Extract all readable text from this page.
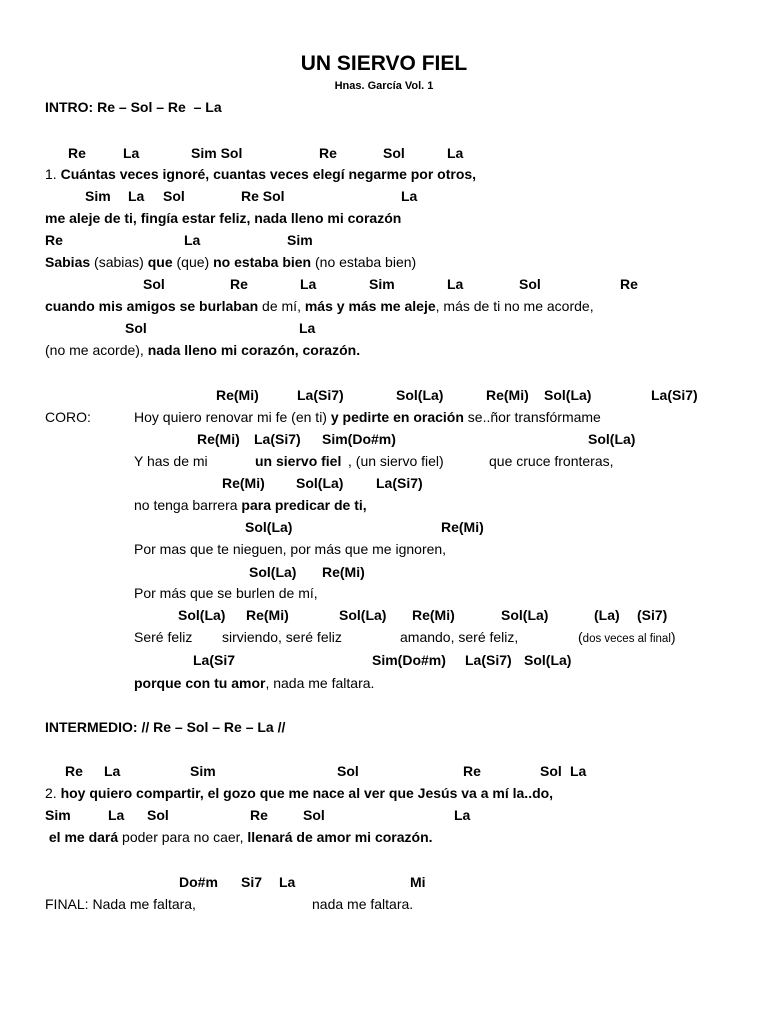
UN SIERVO FIEL
Hnas. García Vol. 1
INTRO: Re – Sol – Re  – La
Re	La	Sim Sol	Re	Sol	La
1. Cuántas veces ignoré, cuantas veces elegí negarme por otros,
Sim La Sol	Re Sol	La
me aleje de ti, fingía estar feliz, nada lleno mi corazón
Re	La	Sim
Sabias (sabias) que (que) no estaba bien (no estaba bien)
Sol	Re	La	Sim	La	Sol	Re
cuando mis amigos se burlaban de mí, más y más me aleje, más de ti no me acorde,
Sol	La
(no me acorde), nada lleno mi corazón, corazón.
Re(Mi)	La(Si7)	Sol(La)	Re(Mi) Sol(La)	La(Si7)
CORO:	Hoy quiero renovar mi fe (en ti) y pedirte en oración se..ñor transfórmame
Re(Mi) La(Si7) Sim(Do#m)	Sol(La)
Y has de mi	un siervo fiel , (un siervo fiel)	que cruce fronteras,
Re(Mi) Sol(La) La(Si7)
no tenga barrera para predicar de ti,
Sol(La)	Re(Mi)
Por mas que te nieguen, por más que me ignoren,
Sol(La) Re(Mi)
Por más que se burlen de mí,
Sol(La) Re(Mi)	Sol(La) Re(Mi)	Sol(La)	(La) (Si7)
Seré feliz sirviendo, seré feliz	amando, seré feliz,	(dos veces al final)
La(Si7	Sim(Do#m) La(Si7) Sol(La)
porque con tu amor, nada me faltara.
INTERMEDIO: // Re – Sol – Re – La //
Re La	Sim	Sol	Re	Sol La
2. hoy quiero compartir, el gozo que me nace al ver que Jesús va a mí la..do,
Sim	La Sol	Re	Sol	La
el me dará poder para no caer, llenará de amor mi corazón.
Do#m Si7 La	Mi
FINAL: Nada me faltara,	nada me faltara.
